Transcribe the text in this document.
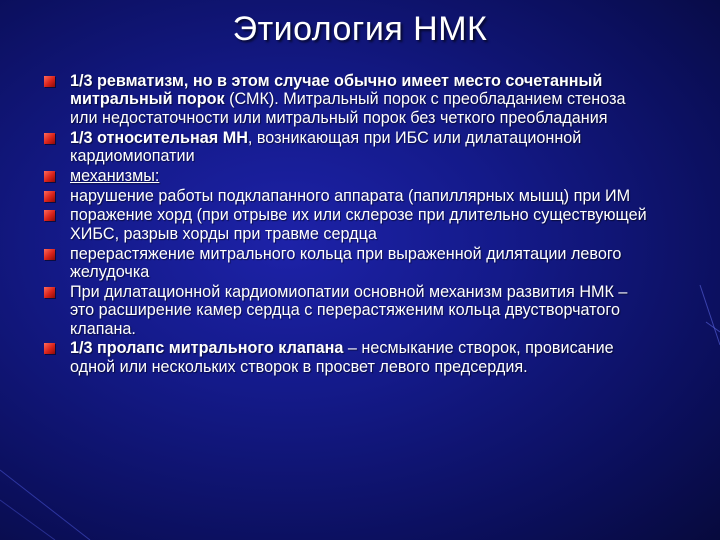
Этиология НМК
1/3 ревматизм, но в этом случае обычно имеет место сочетанный митральный порок (СМК). Митральный порок с преобладанием стеноза или недостаточности или митральный порок без четкого преобладания
1/3 относительная МН, возникающая при ИБС или дилатационной кардиомиопатии
механизмы:
нарушение работы подклапанного аппарата (папиллярных мышц) при ИМ
поражение хорд (при отрыве их или склерозе при длительно существующей ХИБС, разрыв хорды при травме сердца
перерастяжение митрального кольца при выраженной дилятации левого желудочка
При дилатационной кардиомиопатии основной механизм развития НМК – это расширение камер сердца с перерастяженим кольца двустворчатого клапана.
1/3 пролапс митрального клапана – несмыкание створок, провисание одной или нескольких створок в просвет левого предсердия.
